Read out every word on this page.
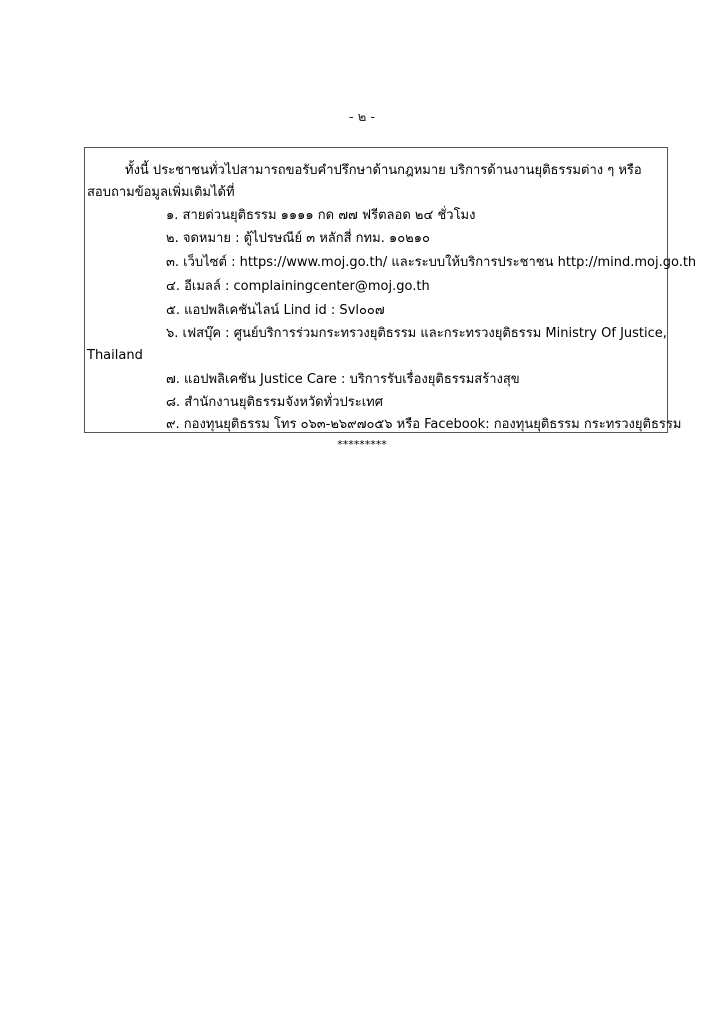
- ๒ -
ทั้งนี้ ประชาชนทั่วไปสามารถขอรับคำปรึกษาด้านกฎหมาย บริการด้านงานยุติธรรมต่าง ๆ หรือ
สอบถามข้อมูลเพิ่มเติมได้ที่
๑. สายด่วนยุติธรรม ๑๑๑๑ กด ๗๗ ฟรีตลอด ๒๔ ชั่วโมง
๒. จดหมาย : ตู้ไปรษณีย์ ๓ หลักสี่ กทม. ๑๐๒๑๐
๓. เว็บไซต์ : https://www.moj.go.th/ และระบบให้บริการประชาชน http://mind.moj.go.th
๔. อีเมลล์ : complainingcenter@moj.go.th
๕. แอปพลิเคชันไลน์ Lind id : Svl๐๐๗
๖. เฟสบุ๊ค : ศูนย์บริการร่วมกระทรวงยุติธรรม และกระทรวงยุติธรรม Ministry Of Justice,
Thailand
๗. แอปพลิเคชัน Justice Care : บริการรับเรื่องยุติธรรมสร้างสุข
๘. สำนักงานยุติธรรมจังหวัดทั่วประเทศ
๙. กองทุนยุติธรรม โทร ๐๖๓-๒๖๙๗๐๕๖ หรือ Facebook: กองทุนยุติธรรม กระทรวงยุติธรรม
*********
